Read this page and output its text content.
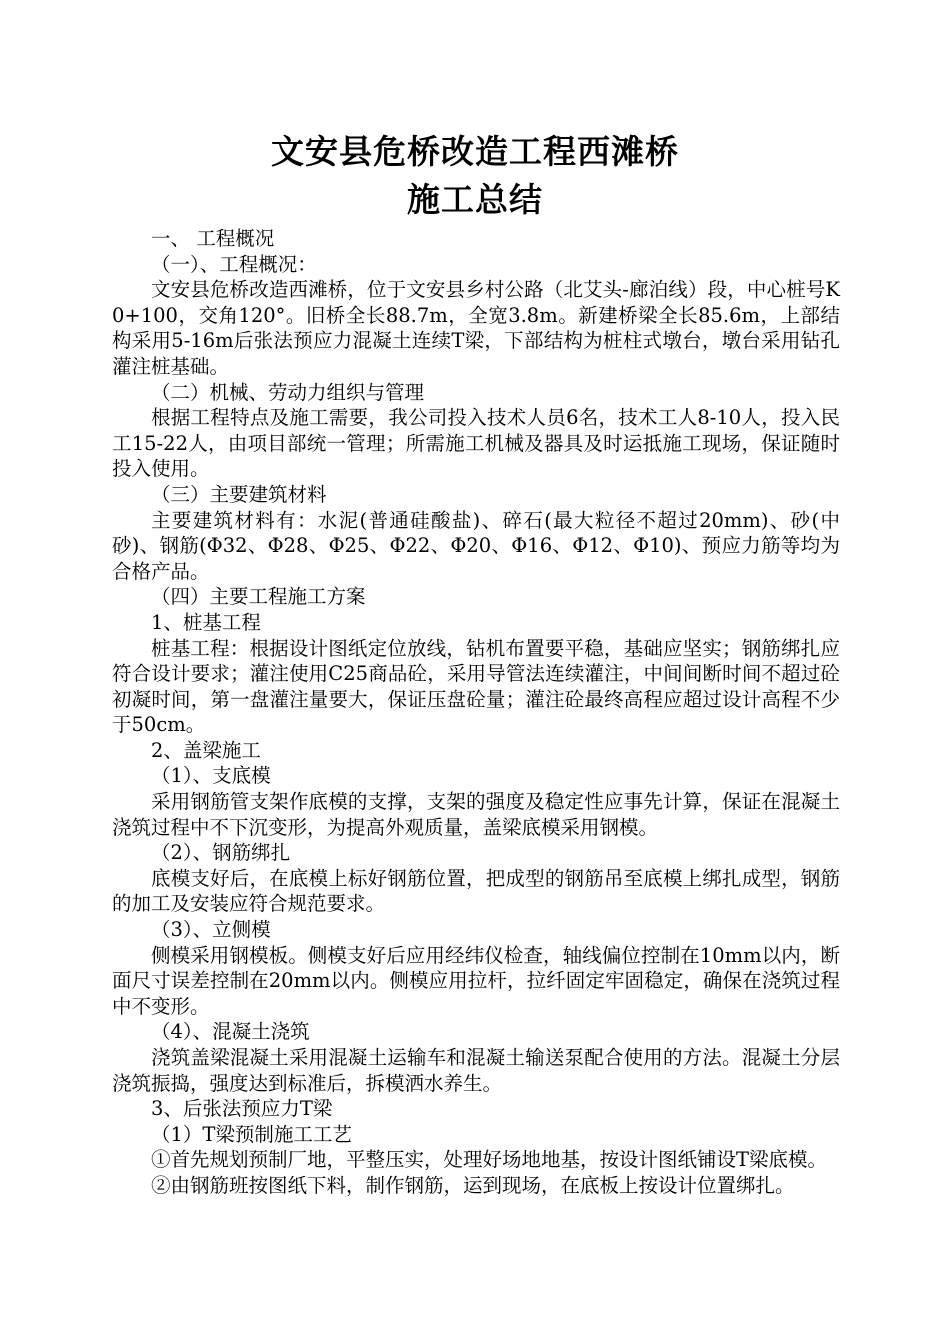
文安县危桥改造工程西滩桥
施工总结

一、 工程概况

（一）、工程概况：

文安县危桥改造西滩桥，位于文安县乡村公路（北艾头-廊泊线）段，中心桩号K0+100，交角120°。旧桥全长88.7m，全宽3.8m。新建桥梁全长85.6m，上部结构采用5-16m后张法预应力混凝土连续T梁，下部结构为桩柱式墩台，墩台采用钻孔灌注桩基础。

（二）机械、劳动力组织与管理

根据工程特点及施工需要，我公司投入技术人员6名，技术工人8-10人，投入民工15-22人，由项目部统一管理；所需施工机械及器具及时运抵施工现场，保证随时投入使用。

（三）主要建筑材料

主要建筑材料有：水泥(普通硅酸盐)、碎石(最大粒径不超过20mm)、砂(中砂)、钢筋(Φ32、Φ28、Φ25、Φ22、Φ20、Φ16、Φ12、Φ10)、预应力筋等均为合格产品。

（四）主要工程施工方案

1、桩基工程

桩基工程：根据设计图纸定位放线，钻机布置要平稳，基础应坚实；钢筋绑扎应符合设计要求；灌注使用C25商品砼，采用导管法连续灌注，中间间断时间不超过砼初凝时间，第一盘灌注量要大，保证压盘砼量；灌注砼最终高程应超过设计高程不少于50cm。

2、盖梁施工

（1）、支底模

采用钢筋管支架作底模的支撑，支架的强度及稳定性应事先计算，保证在混凝土浇筑过程中不下沉变形，为提高外观质量，盖梁底模采用钢模。

（2）、钢筋绑扎

底模支好后，在底模上标好钢筋位置，把成型的钢筋吊至底模上绑扎成型，钢筋的加工及安装应符合规范要求。

（3）、立侧模

侧模采用钢模板。侧模支好后应用经纬仪检查，轴线偏位控制在10mm以内，断面尺寸误差控制在20mm以内。侧模应用拉杆，拉纤固定牢固稳定，确保在浇筑过程中不变形。

（4）、混凝土浇筑

浇筑盖梁混凝土采用混凝土运输车和混凝土输送泵配合使用的方法。混凝土分层浇筑振捣，强度达到标准后，拆模洒水养生。

3、后张法预应力T梁

（1）T梁预制施工工艺

①首先规划预制厂地，平整压实，处理好场地地基，按设计图纸铺设T梁底模。

②由钢筋班按图纸下料，制作钢筋，运到现场，在底板上按设计位置绑扎。
